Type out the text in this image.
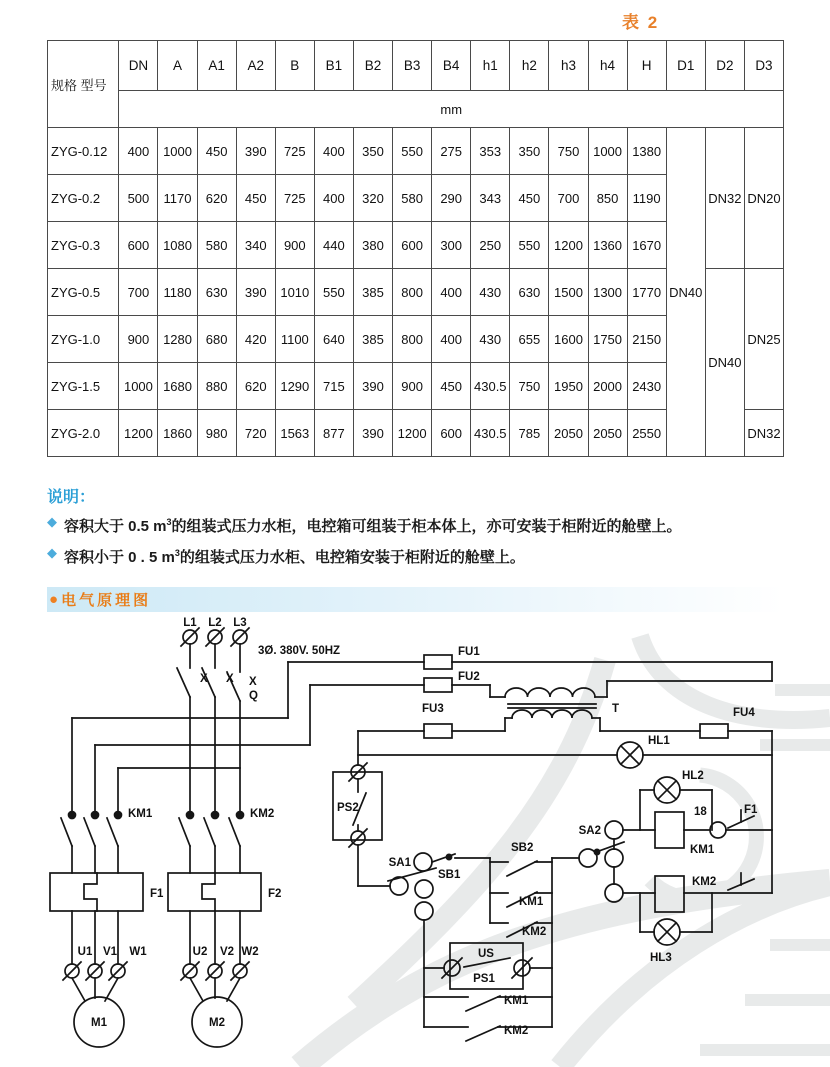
表 2
规格 型号	DN	A	A1	A2	B	B1	B2	B3	B4	h1	h2	h3	h4	H	D1	D2	D3
	mm																
ZYG-0.12	400	1000	450	390	725	400	350	550	275	353	350	750	1000	1380	DN40	DN32	DN20
ZYG-0.2	500	1170	620	450	725	400	320	580	290	343	450	700	850	1190			
ZYG-0.3	600	1080	580	340	900	440	380	600	300	250	550	1200	1360	1670			
ZYG-0.5	700	1180	630	390	1010	550	385	800	400	430	630	1500	1300	1770		DN40	DN25
ZYG-1.0	900	1280	680	420	1100	640	385	800	400	430	655	1600	1750	2150			
ZYG-1.5	1000	1680	880	620	1290	715	390	900	450	430.5	750	1950	2000	2430			
ZYG-2.0	1200	1860	980	720	1563	877	390	1200	600	430.5	785	2050	2050	2550			DN32
说明：
◆ 容积大于 0.5 $m^3$的组装式压力水柜，电控箱可组装于柜本体上，亦可安装于柜附近的舱壁上。
◆ 容积小于 0 . 5 $m^3$的组装式压力水柜、电控箱安装于柜附近的舱壁上。
● 电气原理图
L1 L2 L3
3Ø. 380V. 50HZ
X X X
Q
FU1
FU2
FU3	T	FU4
HL1
PS2
KM1	KM2
F1	F2
U1 V1 W1	U2 V2 W2
M1	M2
SA1
SB1
SB2
KM1
KM2
SA2
HL2
18	F1
KM1
KM2
HL3
US
PS1
KM1
KM2
